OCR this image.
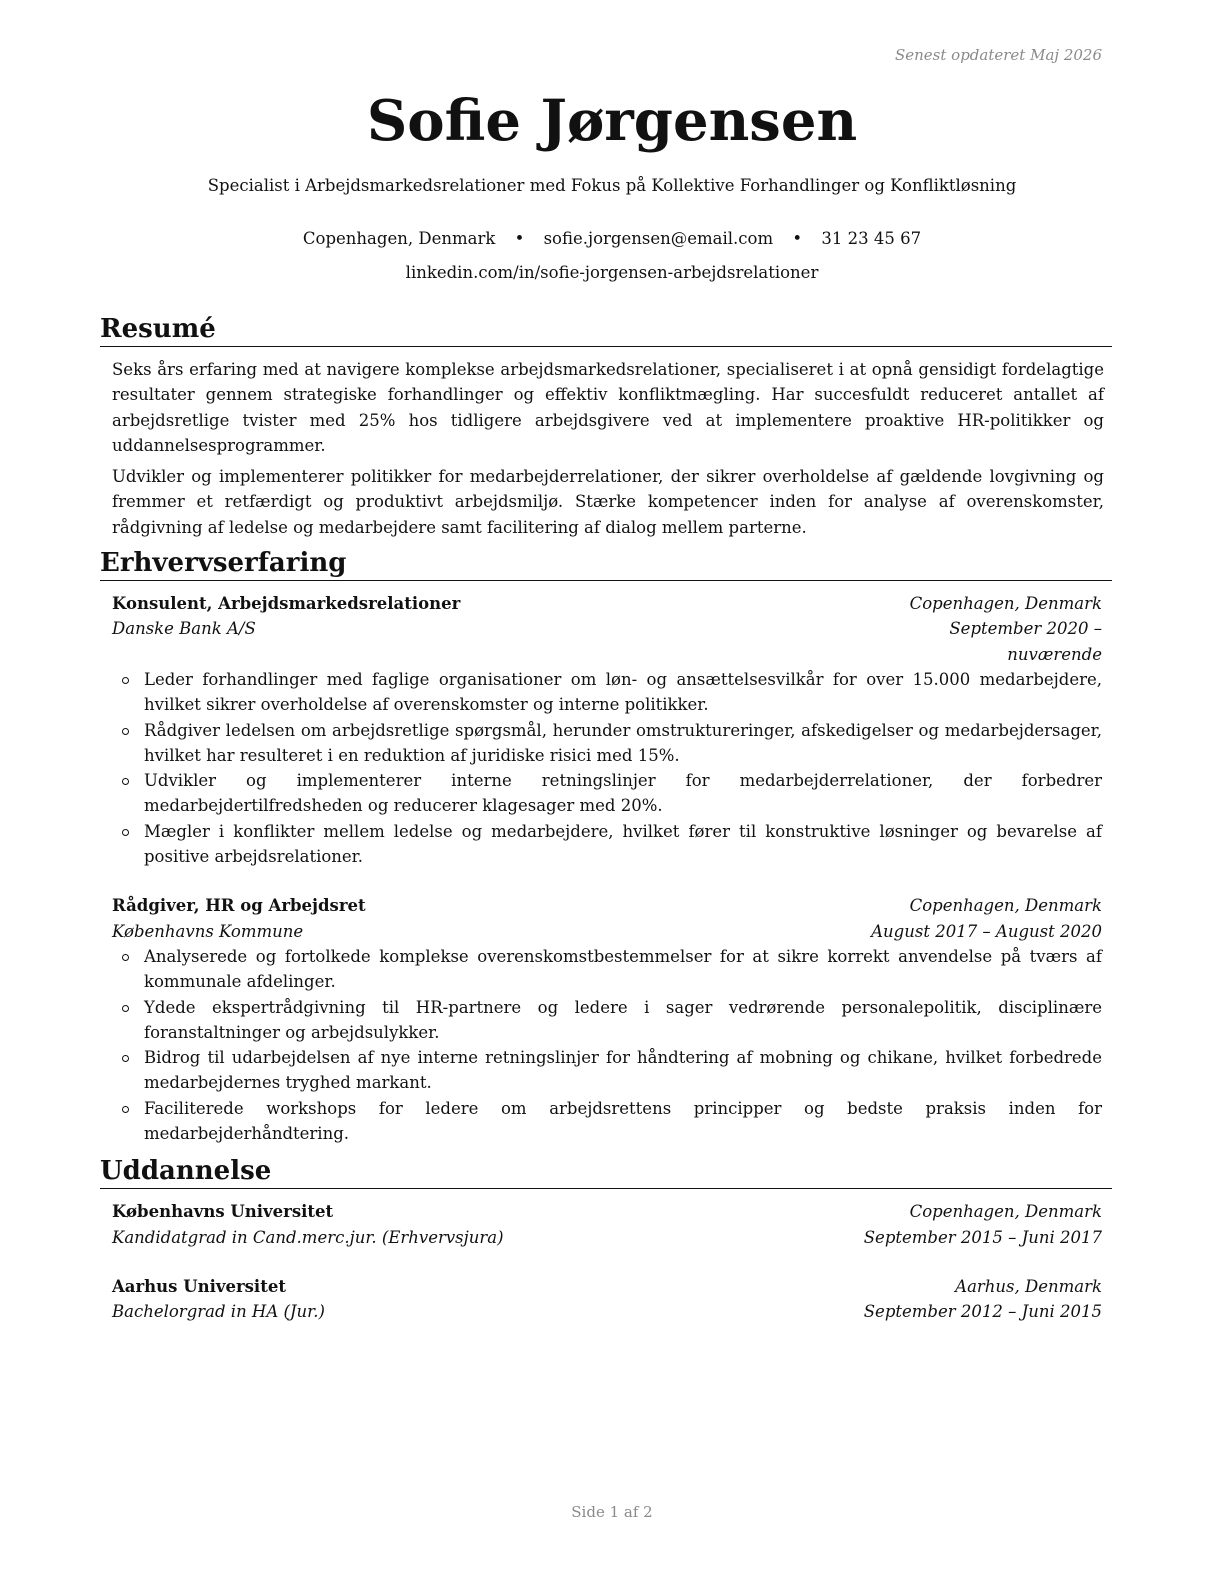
Senest opdateret Maj 2026
Sofie Jørgensen
Specialist i Arbejdsmarkedsrelationer med Fokus på Kollektive Forhandlinger og Konfliktløsning
Copenhagen, Denmark • sofie.jorgensen@email.com • 31 23 45 67
linkedin.com/in/sofie-jorgensen-arbejdsrelationer
Resumé

Seks års erfaring med at navigere komplekse arbejdsmarkedsrelationer, specialiseret i at opnå gensidigt fordelagtige resultater gennem strategiske forhandlinger og effektiv konfliktmægling. Har succesfuldt reduceret antallet af arbejdsretlige tvister med 25% hos tidligere arbejdsgivere ved at implementere proaktive HR-politikker og uddannelsesprogrammer.

Udvikler og implementerer politikker for medarbejderrelationer, der sikrer overholdelse af gældende lovgivning og fremmer et retfærdigt og produktivt arbejdsmiljø. Stærke kompetencer inden for analyse af overenskomster, rådgivning af ledelse og medarbejdere samt facilitering af dialog mellem parterne.

Erhvervserfaring
Konsulent, Arbejdsmarkedsrelationer	Copenhagen, Denmark
Danske Bank A/S	September 2020 – nuværende
Leder forhandlinger med faglige organisationer om løn- og ansættelsesvilkår for over 15.000 medarbejdere, hvilket sikrer overholdelse af overenskomster og interne politikker.
Rådgiver ledelsen om arbejdsretlige spørgsmål, herunder omstruktureringer, afskedigelser og medarbejdersager, hvilket har resulteret i en reduktion af juridiske risici med 15%.
Udvikler og implementerer interne retningslinjer for medarbejderrelationer, der forbedrer medarbejdertilfredsheden og reducerer klagesager med 20%.
Mægler i konflikter mellem ledelse og medarbejdere, hvilket fører til konstruktive løsninger og bevarelse af positive arbejdsrelationer.
Rådgiver, HR og Arbejdsret	Copenhagen, Denmark
Københavns Kommune	August 2017 – August 2020
Analyserede og fortolkede komplekse overenskomstbestemmelser for at sikre korrekt anvendelse på tværs af kommunale afdelinger.
Ydede ekspertrådgivning til HR-partnere og ledere i sager vedrørende personalepolitik, disciplinære foranstaltninger og arbejdsulykker.
Bidrog til udarbejdelsen af nye interne retningslinjer for håndtering af mobning og chikane, hvilket forbedrede medarbejdernes tryghed markant.
Faciliterede workshops for ledere om arbejdsrettens principper og bedste praksis inden for medarbejderhåndtering.
Uddannelse
Københavns Universitet	Copenhagen, Denmark
Kandidatgrad in Cand.merc.jur. (Erhvervsjura)	September 2015 – Juni 2017
Aarhus Universitet	Aarhus, Denmark
Bachelorgrad in HA (Jur.)	September 2012 – Juni 2015
Side 1 af 2
